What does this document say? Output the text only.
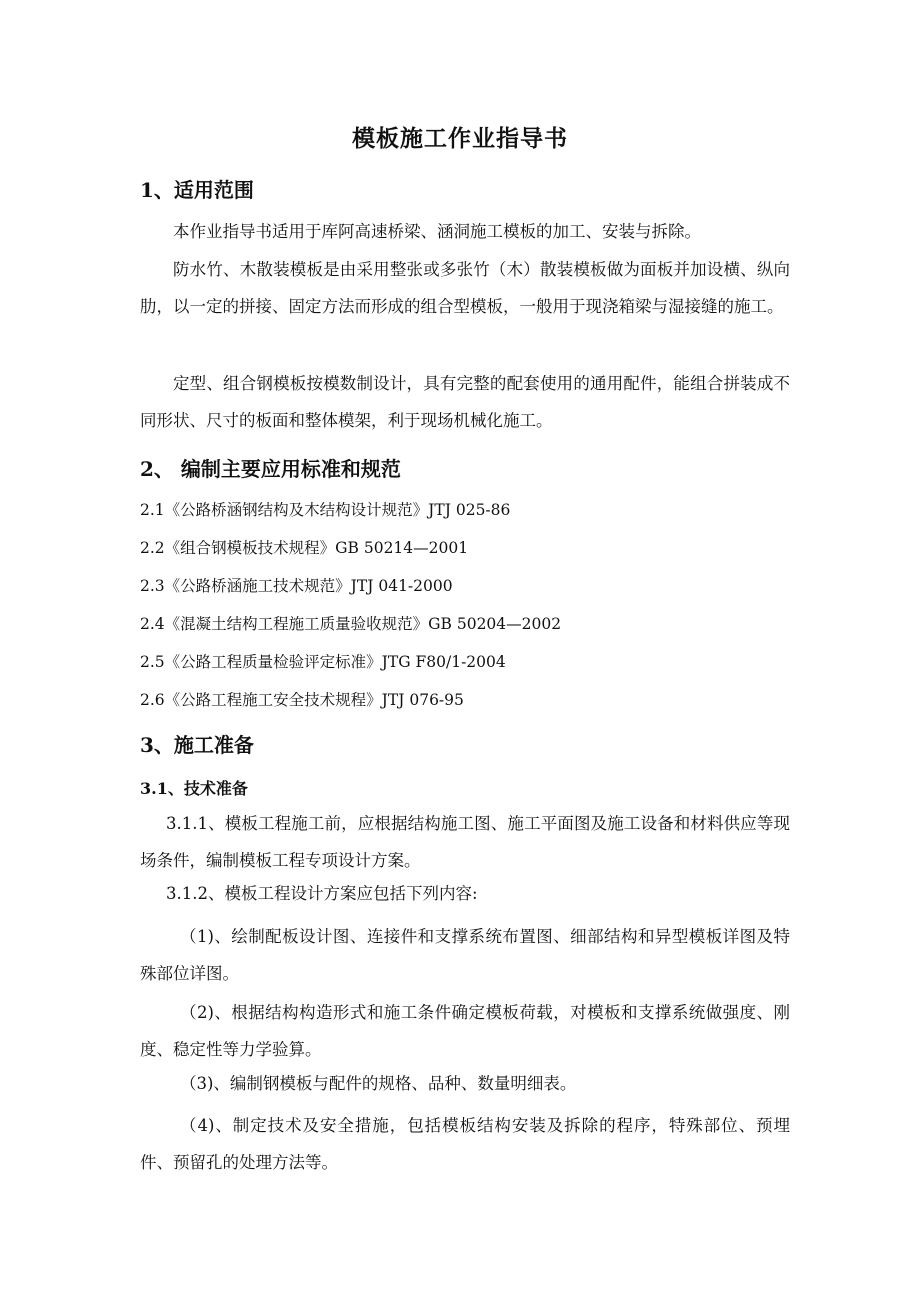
模板施工作业指导书
1、适用范围
本作业指导书适用于库阿高速桥梁、涵洞施工模板的加工、安装与拆除。
防水竹、木散装模板是由采用整张或多张竹（木）散装模板做为面板并加设横、纵向肋，以一定的拼接、固定方法而形成的组合型模板，一般用于现浇箱梁与湿接缝的施工。
定型、组合钢模板按模数制设计，具有完整的配套使用的通用配件，能组合拼装成不同形状、尺寸的板面和整体模架，利于现场机械化施工。
2、 编制主要应用标准和规范
2.1《公路桥涵钢结构及木结构设计规范》JTJ 025-86
2.2《组合钢模板技术规程》GB 50214—2001
2.3《公路桥涵施工技术规范》JTJ 041-2000
2.4《混凝土结构工程施工质量验收规范》GB 50204—2002
2.5《公路工程质量检验评定标准》JTG F80/1-2004
2.6《公路工程施工安全技术规程》JTJ 076-95
3、施工准备
3.1、技术准备
3.1.1、模板工程施工前，应根据结构施工图、施工平面图及施工设备和材料供应等现场条件，编制模板工程专项设计方案。
3.1.2、模板工程设计方案应包括下列内容:
（1)、绘制配板设计图、连接件和支撑系统布置图、细部结构和异型模板详图及特殊部位详图。
（2)、根据结构构造形式和施工条件确定模板荷载，对模板和支撑系统做强度、刚度、稳定性等力学验算。
（3)、编制钢模板与配件的规格、品种、数量明细表。
（4)、制定技术及安全措施，包括模板结构安装及拆除的程序，特殊部位、预埋件、预留孔的处理方法等。
